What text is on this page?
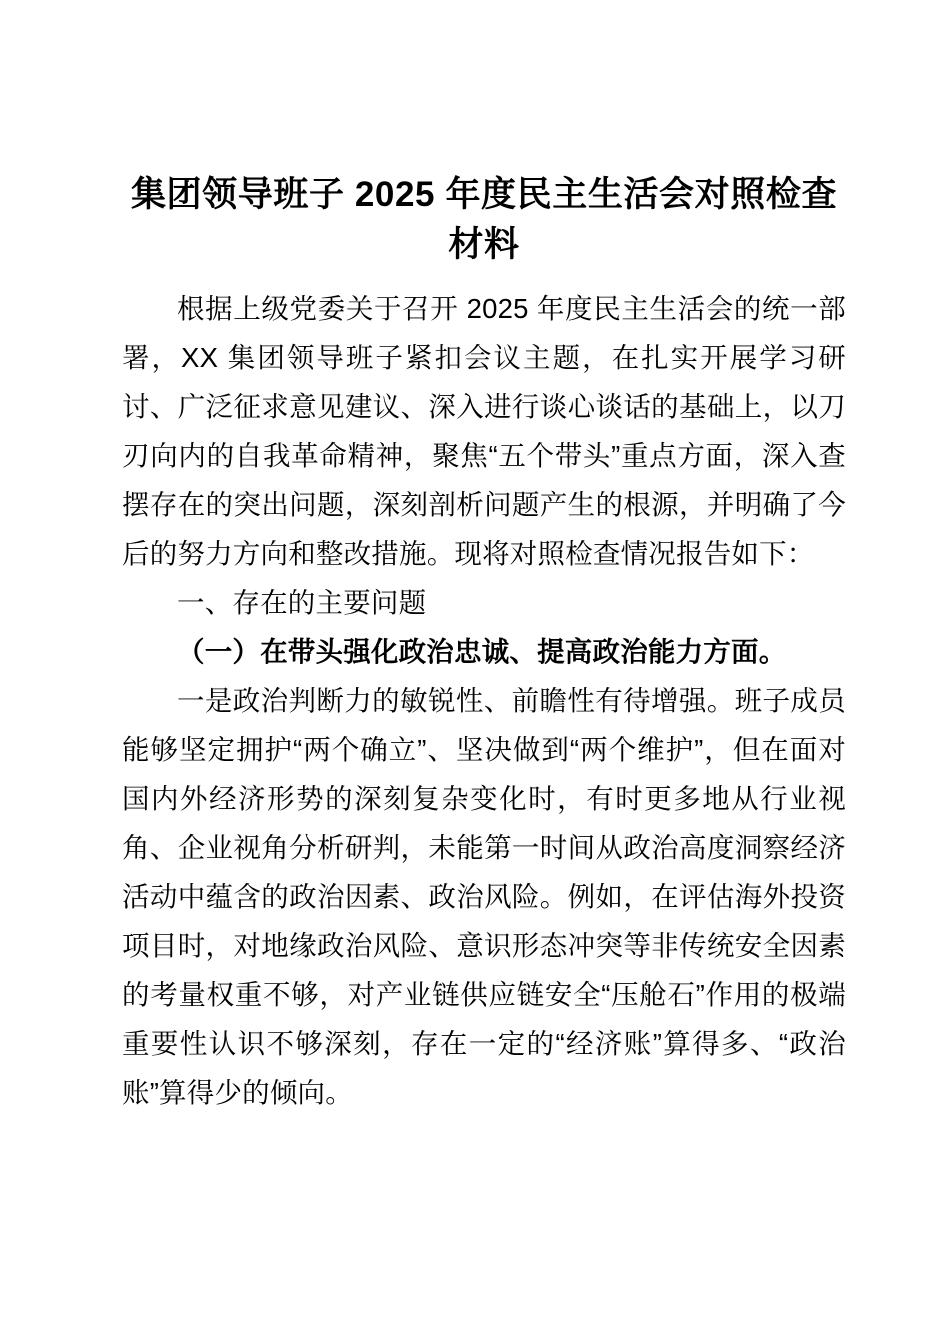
集团领导班子 2025 年度民主生活会对照检查材料

根据上级党委关于召开 2025 年度民主生活会的统一部署，XX 集团领导班子紧扣会议主题，在扎实开展学习研讨、广泛征求意见建议、深入进行谈心谈话的基础上，以刀刃向内的自我革命精神，聚焦“五个带头”重点方面，深入查摆存在的突出问题，深刻剖析问题产生的根源，并明确了今后的努力方向和整改措施。现将对照检查情况报告如下：

一、存在的主要问题

（一）在带头强化政治忠诚、提高政治能力方面。

一是政治判断力的敏锐性、前瞻性有待增强。班子成员能够坚定拥护“两个确立”、坚决做到“两个维护”，但在面对国内外经济形势的深刻复杂变化时，有时更多地从行业视角、企业视角分析研判，未能第一时间从政治高度洞察经济活动中蕴含的政治因素、政治风险。例如，在评估海外投资项目时，对地缘政治风险、意识形态冲突等非传统安全因素的考量权重不够，对产业链供应链安全“压舱石”作用的极端重要性认识不够深刻，存在一定的“经济账”算得多、“政治账”算得少的倾向。
